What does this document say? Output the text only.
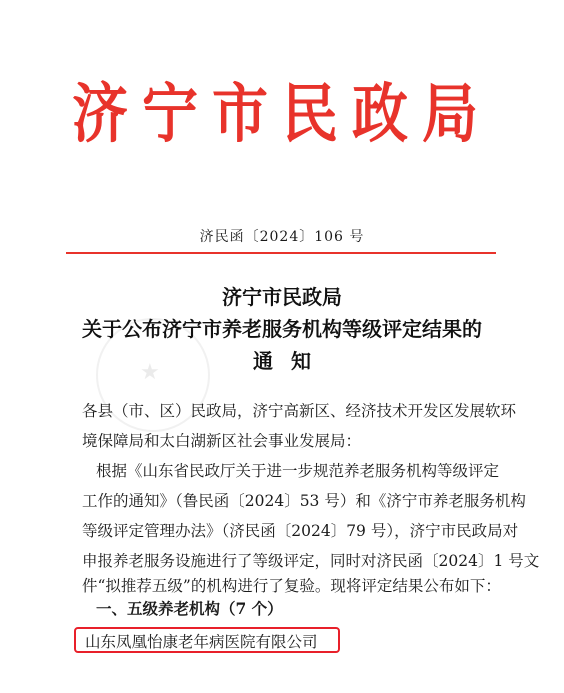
济宁市民政局
济民函〔2024〕106 号
★
济宁市民政局
关于公布济宁市养老服务机构等级评定结果的
通知
各县（市、区）民政局，济宁高新区、经济技术开发区发展软环
境保障局和太白湖新区社会事业发展局：
根据《山东省民政厅关于进一步规范养老服务机构等级评定
工作的通知》（鲁民函〔2024〕53 号）和《济宁市养老服务机构
等级评定管理办法》（济民函〔2024〕79 号），济宁市民政局对
申报养老服务设施进行了等级评定，同时对济民函〔2024〕1 号文
件“拟推荐五级”的机构进行了复验。现将评定结果公布如下：
一、五级养老机构（7 个）
山东凤凰怡康老年病医院有限公司
